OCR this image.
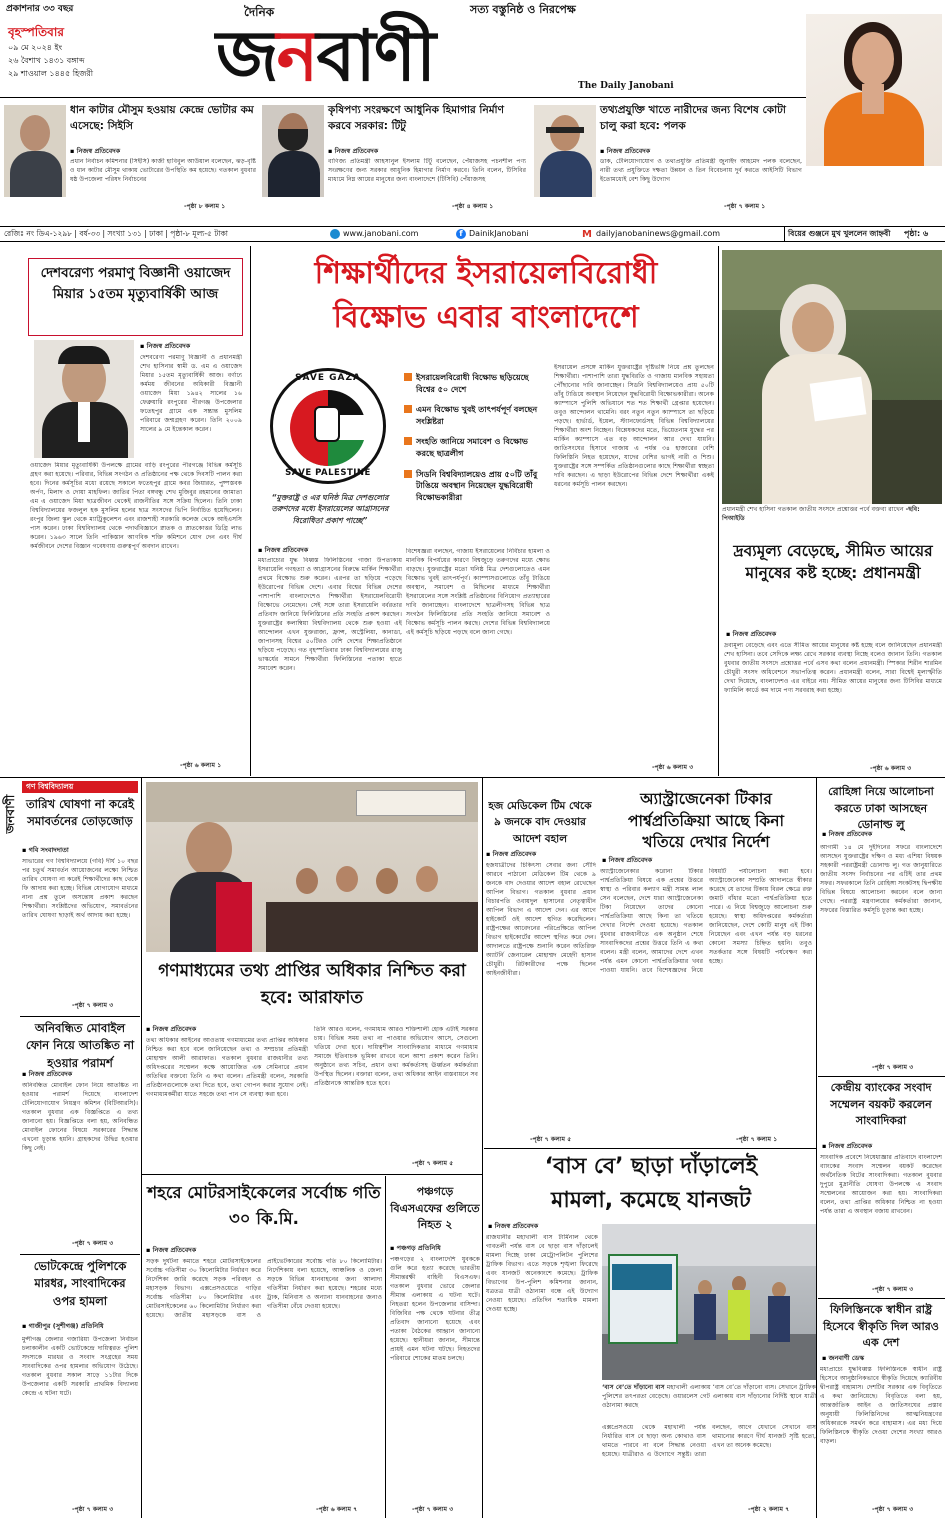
প্রকাশনার ৩৩ বছর
বৃহস্পতিবার
০৯ মে ২০২৪ ইং
২৬ বৈশাখ ১৪৩১ বঙ্গাব্দ
২৯ শাওয়াল ১৪৪৫ হিজরী
দৈনিক	সত্য বস্তুনিষ্ঠ ও নিরপেক্ষ
জনবাণী	The Daily Janobani
ধান কাটার মৌসুম হওয়ায় কেন্দ্রে ভোটার কম এসেছে: সিইসি
▪ নিজস্ব প্রতিবেদক
প্রধান নির্বাচন কমিশনার (সিইসি) কাজী হাবিবুল আউয়াল বলেছেন, ঝড়-বৃষ্টি ও ধান কাটার মৌসুম থাকায় ভোটারের উপস্থিতি কম হয়েছে। গতকাল বুধবার ষষ্ঠ উপজেলা পরিষদ নির্বাচনের
-পৃষ্ঠা ৮ কলাম ১
কৃষিপণ্য সংরক্ষণে আধুনিক হিমাগার নির্মাণ করবে সরকার: টিটু
▪ নিজস্ব প্রতিবেদক
বাণিজ্য প্রতিমন্ত্রী আহসানুল ইসলাম টিটু বলেছেন, পেঁয়াজসহ পচনশীল পণ্য সংরক্ষণের জন্য সরকার আধুনিক হিমাগার নির্মাণ করবে। তিনি বলেন, টিসিবির মাধ্যমে নিম্ন আয়ের মানুষের জন্য বাংলাদেশে (টিসিবি) পেঁয়াজসহ
-পৃষ্ঠা ৪ কলাম ১
তথ্যপ্রযুক্তি খাতে নারীদের জন্য বিশেষ কোটা চালু করা হবে: পলক
▪ নিজস্ব প্রতিবেদক
ডাক, টেলিযোগাযোগ ও তথ্যপ্রযুক্তি প্রতিমন্ত্রী জুনাইদ আহমেদ পলক বলেছেন, নারী তথ্য প্রযুক্তিতে দক্ষতা উন্নয়ন ও তিন বিবেচনায় দুর্ব করতে আইসিটি বিভাগ ইতোমধ্যেই বেশ কিছু উদ্যোগ
-পৃষ্ঠা ৭ কলাম ১
রেজিঃ নং ডিএ-১২৯৮ | বর্ষ-৩৩ | সংখ্যা ১৩১ | ঢাকা | পৃষ্ঠা-৮ মূল্য-৫ টাকা	www.janobani.com	f DainikJanobani	M dailyjanobaninews@gmail.com	বিয়ের গুঞ্জনে মুখ খুললেন জাহ্নবী পৃষ্ঠা: ৬
দেশবরেণ্য পরমাণু বিজ্ঞানী ওয়াজেদ মিয়ার ১৫তম মৃত্যুবার্ষিকী আজ
▪ নিজস্ব প্রতিবেদক
দেশবরেণ্য পরমাণু বিজ্ঞানী ও প্রধানমন্ত্রী শেখ হাসিনার স্বামী ড. এম এ ওয়াজেদ মিয়ার ১৫তম মৃত্যুবার্ষিকী আজ। বর্ণাঢ্য কর্মময় জীবনের অধিকারী বিজ্ঞানী ওয়াজেদ মিয়া ১৯৪২ সালের ১৬ ফেব্রুয়ারি রংপুরের পীরগঞ্জ উপজেলার ফতেহপুর গ্রামে এক সম্ভ্রান্ত মুসলিম পরিবারে জন্মগ্রহণ করেন। তিনি ২০০৯ সালের ৯ মে ইন্তেকাল করেন।
ওয়াজেদ মিয়ার মৃত্যুবার্ষিকী উপলক্ষে গ্রামের বাড়ি রংপুরের পীরগঞ্জে বিভিন্ন কর্মসূচি গ্রহণ করা হয়েছে। পরিবার, বিভিন্ন সংগঠন ও প্রতিষ্ঠানের পক্ষ থেকে দিবসটি পালন করা হবে। দিনের কর্মসূচির মধ্যে রয়েছে সকালে ফতেহপুর গ্রামে কবর জিয়ারত, পুষ্পস্তবক অর্পণ, মিলাদ ও দোয়া মাহফিল। জাতির পিতা বঙ্গবন্ধু শেখ মুজিবুর রহমানের জামাতা এম এ ওয়াজেদ মিয়া ছাত্রজীবন থেকেই রাজনীতির সঙ্গে সক্রিয় ছিলেন। তিনি ঢাকা বিশ্ববিদ্যালয়ের ফজলুল হক মুসলিম হলের ছাত্র সংসদের ভিপি নির্বাচিত হয়েছিলেন। রংপুর জিলা স্কুল থেকে ম্যাট্রিকুলেশন এবং রাজশাহী সরকারি কলেজ থেকে আইএসসি পাস করেন। ঢাকা বিশ্ববিদ্যালয় থেকে পদার্থবিজ্ঞানে স্নাতক ও স্নাতকোত্তর ডিগ্রি লাভ করেন। ১৯৬৩ সালে তিনি পাকিস্তান আণবিক শক্তি কমিশনে যোগ দেন এবং দীর্ঘ কর্মজীবনে দেশের বিজ্ঞান গবেষণায় গুরুত্বপূর্ণ অবদান রাখেন।
-পৃষ্ঠা ৬ কলাম ১
শিক্ষার্থীদের ইসরায়েলবিরোধী
বিক্ষোভ এবার বাংলাদেশে
SAVE GAZA
SAVE PALESTINE
“মুক্তরাষ্ট্র ও এর ঘনিষ্ঠ মিত্র দেশগুলোর তরুণদের মধ্যে ইসরায়েলের আগ্রাসনের বিরোধিতা প্রকাশ পাচ্ছে”
ইসরায়েলবিরোধী বিক্ষোভ ছড়িয়েছে বিশ্বের ৫০ দেশে
এমন বিক্ষোভ খুবই তাৎপর্যপূর্ণ বলছেন সংশ্লিষ্টরা
সংহতি জানিয়ে সমাবেশ ও বিক্ষোভ করছে ছাত্রলীগ
সিডনি বিশ্ববিদ্যালয়েও প্রায় ৫০টি তাঁবু টাঙিয়ে অবস্থান নিয়েছেন যুদ্ধবিরোধী বিক্ষোভকারীরা
▪ নিজস্ব প্রতিবেদক
মধ্যপ্রাচ্যের যুদ্ধ বিধ্বস্ত ফিলিস্তিনের গাজা উপত্যকায় ইসরায়েলি গণহত্যা ও আগ্রাসনের বিরুদ্ধে মার্কিন শিক্ষার্থীরা প্রথমে বিক্ষোভ শুরু করেন। এরপর তা ছড়িয়ে পড়েছে ইউরোপের বিভিন্ন দেশে। এবার বিশ্বের বিভিন্ন দেশের পাশাপাশি বাংলাদেশেও শিক্ষার্থীরা ইসরায়েলবিরোধী বিক্ষোভে নেমেছেন। সেই সঙ্গে তারা ইসরায়েলি বর্বরতার প্রতিবাদ জানিয়ে ফিলিস্তিনের প্রতি সংহতি প্রকাশ করছেন। যুক্তরাষ্ট্রের কলাম্বিয়া বিশ্ববিদ্যালয় থেকে শুরু হওয়া এই আন্দোলন এখন যুক্তরাজ্য, ফ্রান্স, অস্ট্রেলিয়া, কানাডা, জাপানসহ বিশ্বের ৫০টিরও বেশি দেশের শিক্ষাপ্রতিষ্ঠানে ছড়িয়ে পড়েছে। গত বৃহস্পতিবার ঢাকা বিশ্ববিদ্যালয়ের রাজু ভাস্কর্যের সামনে শিক্ষার্থীরা ফিলিস্তিনের পতাকা হাতে সমাবেশ করেন।
বিশেষজ্ঞরা বলছেন, গাজায় ইসরায়েলের নির্বিচার হামলা ও মানবিক বিপর্যয়ের কারণে বিশ্বজুড়ে তরুণদের মধ্যে ক্ষোভ বাড়ছে। যুক্তরাষ্ট্রের মতো ঘনিষ্ঠ মিত্র দেশগুলোতেও এমন বিক্ষোভ খুবই তাৎপর্যপূর্ণ। ক্যাম্পাসগুলোতে তাঁবু টাঙিয়ে অবস্থান, সমাবেশ ও মিছিলের মাধ্যমে শিক্ষার্থীরা ইসরায়েলের সঙ্গে সংশ্লিষ্ট প্রতিষ্ঠানের বিনিয়োগ প্রত্যাহারের দাবি জানাচ্ছেন। বাংলাদেশে ছাত্রলীগসহ বিভিন্ন ছাত্র সংগঠন ফিলিস্তিনের প্রতি সংহতি জানিয়ে সমাবেশ ও বিক্ষোভ কর্মসূচি পালন করছে। দেশের বিভিন্ন বিশ্ববিদ্যালয়ে এই কর্মসূচি ছড়িয়ে পড়ছে বলে জানা গেছে।
ইসরায়েল প্রসঙ্গে মার্কিন যুক্তরাষ্ট্রের দৃষ্টিভঙ্গি নিয়ে প্রশ্ন তুলছেন শিক্ষার্থীরা। পাশাপাশি তারা যুদ্ধবিরতি ও গাজায় মানবিক সহায়তা পৌঁছানোর দাবি জানাচ্ছেন। সিডনি বিশ্ববিদ্যালয়েও প্রায় ৫০টি তাঁবু টাঙিয়ে অবস্থান নিয়েছেন যুদ্ধবিরোধী বিক্ষোভকারীরা। অনেক ক্যাম্পাসে পুলিশি অভিযানে শত শত শিক্ষার্থী গ্রেপ্তার হয়েছেন। তবুও আন্দোলন থামেনি। বরং নতুন নতুন ক্যাম্পাসে তা ছড়িয়ে পড়ছে। হার্ভার্ড, ইয়েল, স্ট্যানফোর্ডসহ বিভিন্ন বিশ্ববিদ্যালয়ের শিক্ষার্থীরা অংশ নিচ্ছেন। বিশ্লেষকদের মতে, ভিয়েতনাম যুদ্ধের পর মার্কিন ক্যাম্পাসে এত বড় আন্দোলন আর দেখা যায়নি। জাতিসংঘের হিসাবে গাজায় এ পর্যন্ত ৩৪ হাজারের বেশি ফিলিস্তিনি নিহত হয়েছেন, যাদের বেশির ভাগই নারী ও শিশু। যুক্তরাষ্ট্রের সঙ্গে সম্পর্কিত প্রতিষ্ঠানগুলোর কাছে শিক্ষার্থীরা স্বচ্ছতা দাবি করছেন। এ ছাড়া ইউরোপের বিভিন্ন দেশে শিক্ষার্থীরা একই ধরনের কর্মসূচি পালন করছেন।
-পৃষ্ঠা ৬ কলাম ৩
প্রধানমন্ত্রী শেখ হাসিনা গতকাল জাতীয় সংসদে প্রশ্নোত্তর পর্বে বক্তব্য রাখেন -ছবি: পিআইডি
দ্রব্যমূল্য বেড়েছে, সীমিত আয়ের মানুষের কষ্ট হচ্ছে: প্রধানমন্ত্রী
▪ নিজস্ব প্রতিবেদক
দ্রব্যমূল্য বেড়েছে এবং এতে সীমিত আয়ের মানুষের কষ্ট হচ্ছে বলে জানিয়েছেন প্রধানমন্ত্রী শেখ হাসিনা। তবে সেদিকে লক্ষ্য রেখে সরকার ব্যবস্থা নিচ্ছে বলেও জানান তিনি। গতকাল বুধবার জাতীয় সংসদে প্রশ্নোত্তর পর্বে এসব কথা বলেন প্রধানমন্ত্রী। স্পিকার শিরীন শারমিন চৌধুরী সংসদ অধিবেশনে সভাপতিত্ব করেন। প্রধানমন্ত্রী বলেন, সারা বিশ্বেই মূল্যস্ফীতি দেখা দিয়েছে, বাংলাদেশও এর বাইরে নয়। সীমিত আয়ের মানুষের জন্য টিসিবির মাধ্যমে ফ্যামিলি কার্ডে কম দামে পণ্য সরবরাহ করা হচ্ছে।
-পৃষ্ঠা ৬ কলাম ৩
জনবাণী
গণ বিশ্ববিদ্যালয়
তারিখ ঘোষণা না করেই সমাবর্তনের তোড়জোড়
▪ গবি সংবাদদাতা
সাভারের গণ বিশ্ববিদ্যালয়ে (গবি) দীর্ঘ ১০ বছর পর চতুর্থ সমাবর্তন আয়োজনের লক্ষ্যে নিশ্চিত তারিখ ঘোষণা না করেই শিক্ষার্থীদের কাছ থেকে ফি আদায় করা হচ্ছে। বিভিন্ন যোগাযোগ মাধ্যমে নানা প্রশ্ন তুলে অসন্তোষ প্রকাশ করছেন শিক্ষার্থীরা। সংশ্লিষ্টদের অভিযোগ, সমাবর্তনের তারিখ ঘোষণা ছাড়াই অর্থ আদায় করা হচ্ছে।
-পৃষ্ঠা ৭ কলাম ৩
অনিবন্ধিত মোবাইল ফোন নিয়ে আতঙ্কিত না হওয়ার পরামর্শ
▪ নিজস্ব প্রতিবেদক
অনিবন্ধিত মোবাইল ফোন নিয়ে আতঙ্কিত না হওয়ার পরামর্শ দিয়েছে বাংলাদেশ টেলিযোগাযোগ নিয়ন্ত্রণ কমিশন (বিটিআরসি)। গতকাল বুধবার এক বিজ্ঞপ্তিতে এ তথ্য জানানো হয়। বিজ্ঞপ্তিতে বলা হয়, অনিবন্ধিত মোবাইল ফোনের বিষয়ে সরকারের সিদ্ধান্ত এখনো চূড়ান্ত হয়নি। গ্রাহকদের উদ্বিগ্ন হওয়ার কিছু নেই।
-পৃষ্ঠা ৭ কলাম ৩
ভোটকেন্দ্রে পুলিশকে মারধর, সাংবাদিকের ওপর হামলা
▪ গাজীপুর (সুশীগঞ্জ) প্রতিনিধি
মুন্সীগঞ্জ জেলার গজারিয়া উপজেলা নির্বাচন চলাকালীন একটি ভোটকেন্দ্রে দায়িত্বরত পুলিশ সদস্যকে মারধর ও সংবাদ সংগ্রহের সময় সাংবাদিকের ওপর হামলার অভিযোগ উঠেছে। গতকাল বুধবার সকাল সাড়ে ১১টার দিকে উপজেলার একটি সরকারি প্রাথমিক বিদ্যালয় কেন্দ্রে এ ঘটনা ঘটে।
-পৃষ্ঠা ৭ কলাম ৩
গণমাধ্যমের তথ্য প্রাপ্তির অধিকার নিশ্চিত করা হবে: আরাফাত
▪ নিজস্ব প্রতিবেদক
তথ্য অধিকার আইনের আওতায় গণমাধ্যমের তথ্য প্রাপ্তির অধিকার নিশ্চিত করা হবে বলে জানিয়েছেন তথ্য ও সম্প্রচার প্রতিমন্ত্রী মোহাম্মদ আলী আরাফাত। গতকাল বুধবার রাজধানীর তথ্য অধিদপ্তরের সম্মেলন কক্ষে আয়োজিত এক সেমিনারে প্রধান অতিথির বক্তব্যে তিনি এ কথা বলেন। প্রতিমন্ত্রী বলেন, সরকারি প্রতিষ্ঠানগুলোকে তথ্য দিতে হবে, তথ্য গোপন করার সুযোগ নেই। গণমাধ্যমকর্মীরা যাতে সহজে তথ্য পান সে ব্যবস্থা করা হবে।
তিনি আরও বলেন, গণমাধ্যম আরও শক্তিশালী হোক এটাই সরকার চায়। বিভিন্ন সময় তথ্য না পাওয়ার অভিযোগ আসে, সেগুলো খতিয়ে দেখা হবে। দায়িত্বশীল সাংবাদিকতার মাধ্যমে গণমাধ্যম সমাজে ইতিবাচক ভূমিকা রাখবে বলে আশা প্রকাশ করেন তিনি। অনুষ্ঠানে তথ্য সচিব, প্রধান তথ্য কর্মকর্তাসহ ঊর্ধ্বতন কর্মকর্তারা উপস্থিত ছিলেন। বক্তারা বলেন, তথ্য অধিকার আইন বাস্তবায়নে সব প্রতিষ্ঠানকে আন্তরিক হতে হবে।
-পৃষ্ঠা ৭ কলাম ৫
শহরে মোটরসাইকেলের সর্বোচ্চ গতি ৩০ কি.মি.
▪ নিজস্ব প্রতিবেদক
সড়ক দুর্ঘটনা কমাতে শহরে মোটরসাইকেলের সর্বোচ্চ গতিসীমা ৩০ কিলোমিটার নির্ধারণ করে নির্দেশিকা জারি করেছে সড়ক পরিবহন ও মহাসড়ক বিভাগ। এক্সপ্রেসওয়েতে গাড়ির সর্বোচ্চ গতিসীমা ৮০ কিলোমিটার এবং মোটরসাইকেলের ৬০ কিলোমিটার নির্ধারণ করা হয়েছে। জাতীয় মহাসড়কে বাস ও প্রাইভেটকারের সর্বোচ্চ গতি ৮০ কিলোমিটার। নির্দেশিকায় বলা হয়েছে, আঞ্চলিক ও জেলা সড়কে বিভিন্ন যানবাহনের জন্য আলাদা গতিসীমা নির্ধারণ করা হয়েছে। শহরের মধ্যে ট্রাক, মিনিবাস ও অন্যান্য যানবাহনের জন্যও গতিসীমা বেঁধে দেওয়া হয়েছে।
-পৃষ্ঠা ৬ কলাম ৭
পঞ্চগড়ে বিএসএফের গুলিতে নিহত ২
▪ পঞ্চগড় প্রতিনিধি
পঞ্চগড়ের ২ বাংলাদেশি যুবককে গুলি করে হত্যা করেছে ভারতীয় সীমান্তরক্ষী বাহিনী বিএসএফ। গতকাল বুধবার ভোরে জেলার সীমান্ত এলাকায় এ ঘটনা ঘটে। নিহতরা হলেন উপজেলার বাসিন্দা। বিজিবির পক্ষ থেকে ঘটনার তীব্র প্রতিবাদ জানানো হয়েছে এবং পতাকা বৈঠকের আহ্বান জানানো হয়েছে। স্থানীয়রা জানান, সীমান্তে প্রায়ই এমন ঘটনা ঘটছে। নিহতদের পরিবারে শোকের মাতম চলছে।
-পৃষ্ঠা ৭ কলাম ৩
হজ মেডিকেল টিম থেকে ৯ জনকে বাদ দেওয়ার আদেশ বহাল
▪ নিজস্ব প্রতিবেদক
হজযাত্রীদের চিকিৎসা সেবার জন্য সৌদি আরবে পাঠানো মেডিকেল টিম থেকে ৯ জনকে বাদ দেওয়ার আদেশ বহাল রেখেছেন আপিল বিভাগ। গতকাল বুধবার প্রধান বিচারপতি ওবায়দুল হাসানের নেতৃত্বাধীন আপিল বিভাগ এ আদেশ দেন। এর আগে হাইকোর্ট ওই আদেশ স্থগিত করেছিলেন। রাষ্ট্রপক্ষের আবেদনের পরিপ্রেক্ষিতে আপিল বিভাগ হাইকোর্টের আদেশ স্থগিত করে দেন। আদালতে রাষ্ট্রপক্ষে শুনানি করেন অতিরিক্ত অ্যাটর্নি জেনারেল মোহাম্মদ মেহেদী হাসান চৌধুরী। রিটকারীদের পক্ষে ছিলেন আইনজীবীরা।
-পৃষ্ঠা ৭ কলাম ৫
অ্যাস্ট্রাজেনেকা টিকার পার্শ্বপ্রতিক্রিয়া আছে কিনা খতিয়ে দেখার নির্দেশ
▪ নিজস্ব প্রতিবেদক
অ্যাস্ট্রাজেনেকার করোনা টিকার পার্শ্বপ্রতিক্রিয়া বিষয়ে এক প্রশ্নের উত্তরে স্বাস্থ্য ও পরিবার কল্যাণ মন্ত্রী সামন্ত লাল সেন বলেছেন, দেশে যারা অ্যাস্ট্রাজেনেকা টিকা নিয়েছেন তাদের কোনো পার্শ্বপ্রতিক্রিয়া আছে কিনা তা খতিয়ে দেখার নির্দেশ দেওয়া হয়েছে। গতকাল বুধবার রাজধানীতে এক অনুষ্ঠান শেষে সাংবাদিকদের প্রশ্নের উত্তরে তিনি এ কথা বলেন। মন্ত্রী বলেন, আমাদের দেশে এখন পর্যন্ত এমন কোনো পার্শ্বপ্রতিক্রিয়ার খবর পাওয়া যায়নি। তবে বিশেষজ্ঞদের নিয়ে বিষয়টি পর্যালোচনা করা হবে। অ্যাস্ট্রাজেনেকা সম্প্রতি আদালতে স্বীকার করেছে যে তাদের টিকায় বিরল ক্ষেত্রে রক্ত জমাট বাঁধার মতো পার্শ্বপ্রতিক্রিয়া হতে পারে। এ নিয়ে বিশ্বজুড়ে আলোচনা শুরু হয়েছে। স্বাস্থ্য অধিদপ্তরের কর্মকর্তারা জানিয়েছেন, দেশে কোটি মানুষ এই টিকা নিয়েছেন এবং এখন পর্যন্ত বড় ধরনের কোনো সমস্যা চিহ্নিত হয়নি। তবুও সতর্কতার সঙ্গে বিষয়টি পর্যবেক্ষণ করা হচ্ছে।
-পৃষ্ঠা ৭ কলাম ১
রোহিঙ্গা নিয়ে আলোচনা করতে ঢাকা আসছেন ডোনাল্ড লু
▪ নিজস্ব প্রতিবেদক
আগামী ১৪ মে দুইদিনের সফরে বাংলাদেশে আসছেন যুক্তরাষ্ট্রের দক্ষিণ ও মধ্য এশিয়া বিষয়ক সহকারী পররাষ্ট্রমন্ত্রী ডোনাল্ড লু। গত জানুয়ারিতে জাতীয় সংসদ নির্বাচনের পর এটিই তার প্রথম সফর। সফরকালে তিনি রোহিঙ্গা সংকটসহ দ্বিপক্ষীয় বিভিন্ন বিষয়ে আলোচনা করবেন বলে জানা গেছে। পররাষ্ট্র মন্ত্রণালয়ের কর্মকর্তারা জানান, সফরের বিস্তারিত কর্মসূচি চূড়ান্ত করা হচ্ছে।
-পৃষ্ঠা ৭ কলাম ৩
কেন্দ্রীয় ব্যাংকের সংবাদ সম্মেলন বয়কট করলেন সাংবাদিকরা
▪ নিজস্ব প্রতিবেদক
সাংবাদিক প্রবেশে নিষেধাজ্ঞার প্রতিবাদে বাংলাদেশ ব্যাংকের সংবাদ সম্মেলন বয়কট করেছেন অর্থনৈতিক বিটের সাংবাদিকরা। গতকাল বুধবার দুপুরে মুদ্রানীতি ঘোষণা উপলক্ষে এ সংবাদ সম্মেলনের আয়োজন করা হয়। সাংবাদিকরা বলেন, তথ্য প্রাপ্তির অধিকার নিশ্চিত না হওয়া পর্যন্ত তারা এ অবস্থান বজায় রাখবেন।
-পৃষ্ঠা ৭ কলাম ৩
ফিলিস্তিনকে স্বাধীন রাষ্ট্র হিসেবে স্বীকৃতি দিল আরও এক দেশ
▪ জনবাণী ডেস্ক
মধ্যপ্রাচ্যে যুদ্ধবিধ্বস্ত ফিলিস্তিনকে স্বাধীন রাষ্ট্র হিসেবে আনুষ্ঠানিকভাবে স্বীকৃতি দিয়েছে ক্যারিবীয় দ্বীপরাষ্ট্র বাহামাস। দেশটির সরকার এক বিবৃতিতে এ কথা জানিয়েছে। বিবৃতিতে বলা হয়, আন্তর্জাতিক আইন ও জাতিসংঘের প্রস্তাব অনুযায়ী ফিলিস্তিনিদের আত্মনিয়ন্ত্রণের অধিকারকে সমর্থন করে বাহামাস। এর মধ্য দিয়ে ফিলিস্তিনকে স্বীকৃতি দেওয়া দেশের সংখ্যা আরও বাড়ল।
-পৃষ্ঠা ৭ কলাম ৩
‘বাস বে’ ছাড়া দাঁড়ালেই
মামলা, কমেছে যানজট
▪ নিজস্ব প্রতিবেদক
রাজধানীর মহাখালী বাস টার্মিনাল থেকে গাবতলী পর্যন্ত বাস বে ছাড়া বাস দাঁড়ালেই মামলা দিচ্ছে ঢাকা মেট্রোপলিটন পুলিশের ট্রাফিক বিভাগ। এতে সড়কে শৃঙ্খলা ফিরেছে এবং যানজট অনেকাংশে কমেছে। ট্রাফিক বিভাগের উপ-পুলিশ কমিশনার জানান, যত্রতত্র যাত্রী ওঠানামা বন্ধে এই উদ্যোগ নেওয়া হয়েছে। প্রতিদিন শতাধিক মামলা দেওয়া হচ্ছে।
‘বাস বে’তে দাঁড়ানো বাস মহাখালী এলাকায় ‘বাস বে’তে দাঁড়ানো বাস। সেখানে ট্রাফিক পুলিশের তৎপরতা বেড়েছে। ওয়ারলেস গেট এলাকায় বাস দাঁড়ানোর নির্দিষ্ট স্থানে যাত্রী ওঠানামা করছে
এক্সপ্রেসওয়ে থেকে মহাখালী পর্যন্ত নির্ধারিত বাস বে ছাড়া অন্য কোথাও বাস থামতে পারবে না বলে সিদ্ধান্ত নেওয়া হয়েছে। যাত্রীরাও এ উদ্যোগে সন্তুষ্ট। তারা বলছেন, আগে যেখানে সেখানে বাস থামানোর কারণে দীর্ঘ যানজট সৃষ্টি হতো, এখন তা অনেক কমেছে।
-পৃষ্ঠা ২ কলাম ৭
